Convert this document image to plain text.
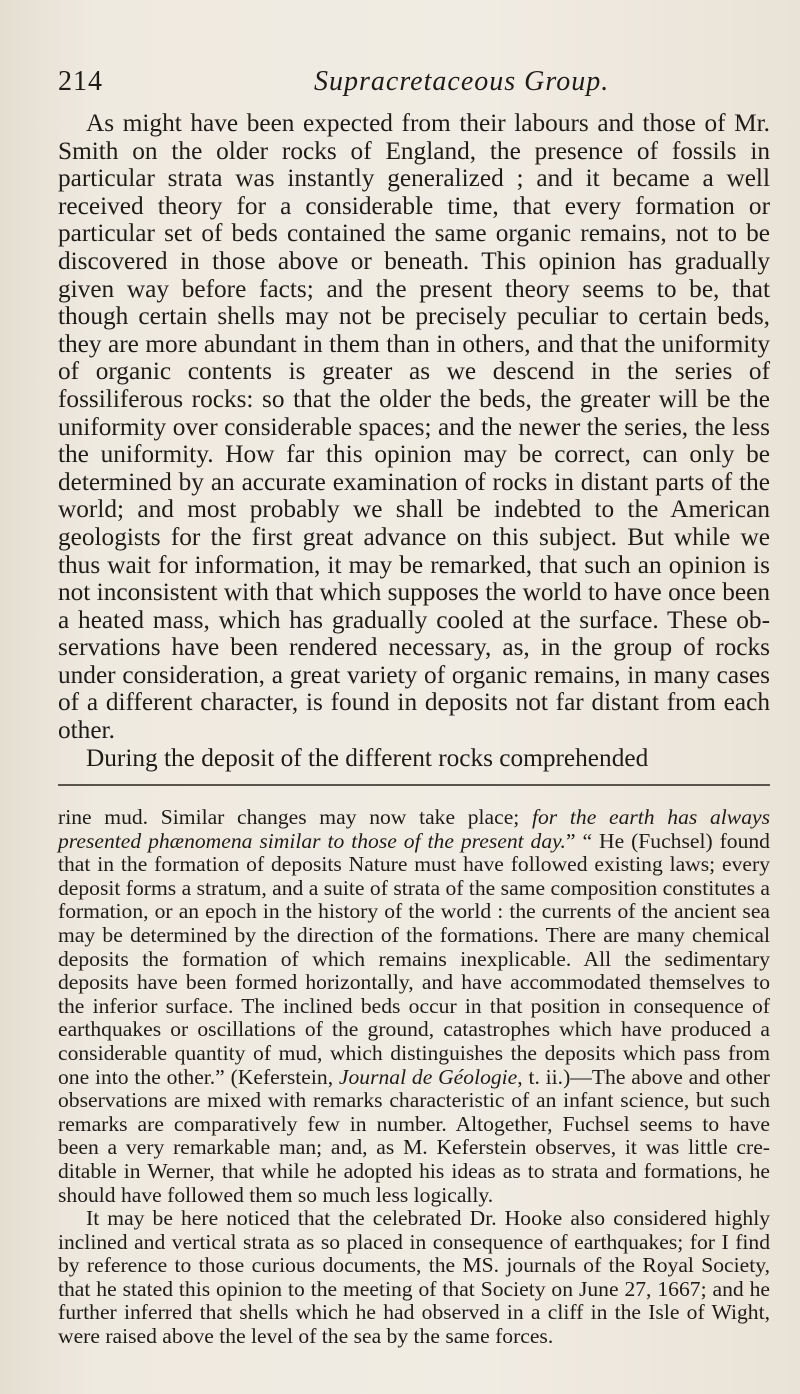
214	Supracretaceous Group.

As might have been expected from their labours and those of Mr. Smith on the older rocks of England, the presence of fossils in particular strata was instantly generalized ; and it became a well received theory for a considerable time, that every formation or particular set of beds contained the same organic remains, not to be discovered in those above or beneath. This opinion has gradually given way before facts; and the present theory seems to be, that though certain shells may not be precisely peculiar to certain beds, they are more abundant in them than in others, and that the uniformity of organic contents is greater as we descend in the series of fossiliferous rocks: so that the older the beds, the greater will be the uniformity over considerable spaces; and the newer the series, the less the uniformity. How far this opinion may be correct, can only be determined by an accurate examination of rocks in distant parts of the world; and most probably we shall be indebted to the American geologists for the first great advance on this subject. But while we thus wait for information, it may be remarked, that such an opinion is not inconsistent with that which supposes the world to have once been a heated mass, which has gradually cooled at the surface. These observations have been rendered necessary, as, in the group of rocks under consideration, a great variety of organic remains, in many cases of a different character, is found in deposits not far distant from each other.

During the deposit of the different rocks comprehended

rine mud. Similar changes may now take place; for the earth has always presented phænomena similar to those of the present day.” “ He (Fuchsel) found that in the formation of deposits Nature must have followed existing laws; every deposit forms a stratum, and a suite of strata of the same composition constitutes a formation, or an epoch in the history of the world : the currents of the ancient sea may be determined by the direction of the formations. There are many chemical deposits the formation of which remains inexplicable. All the sedimentary deposits have been formed horizontally, and have accommodated themselves to the inferior surface. The inclined beds occur in that position in consequence of earthquakes or oscillations of the ground, catastrophes which have produced a considerable quantity of mud, which distinguishes the deposits which pass from one into the other.” (Keferstein, Journal de Géologie, t. ii.)—The above and other observations are mixed with remarks characteristic of an infant science, but such remarks are comparatively few in number. Altogether, Fuchsel seems to have been a very remarkable man; and, as M. Keferstein observes, it was little creditable in Werner, that while he adopted his ideas as to strata and formations, he should have followed them so much less logically.

It may be here noticed that the celebrated Dr. Hooke also considered highly inclined and vertical strata as so placed in consequence of earthquakes; for I find by reference to those curious documents, the MS. journals of the Royal Society, that he stated this opinion to the meeting of that Society on June 27, 1667; and he further inferred that shells which he had observed in a cliff in the Isle of Wight, were raised above the level of the sea by the same forces.
